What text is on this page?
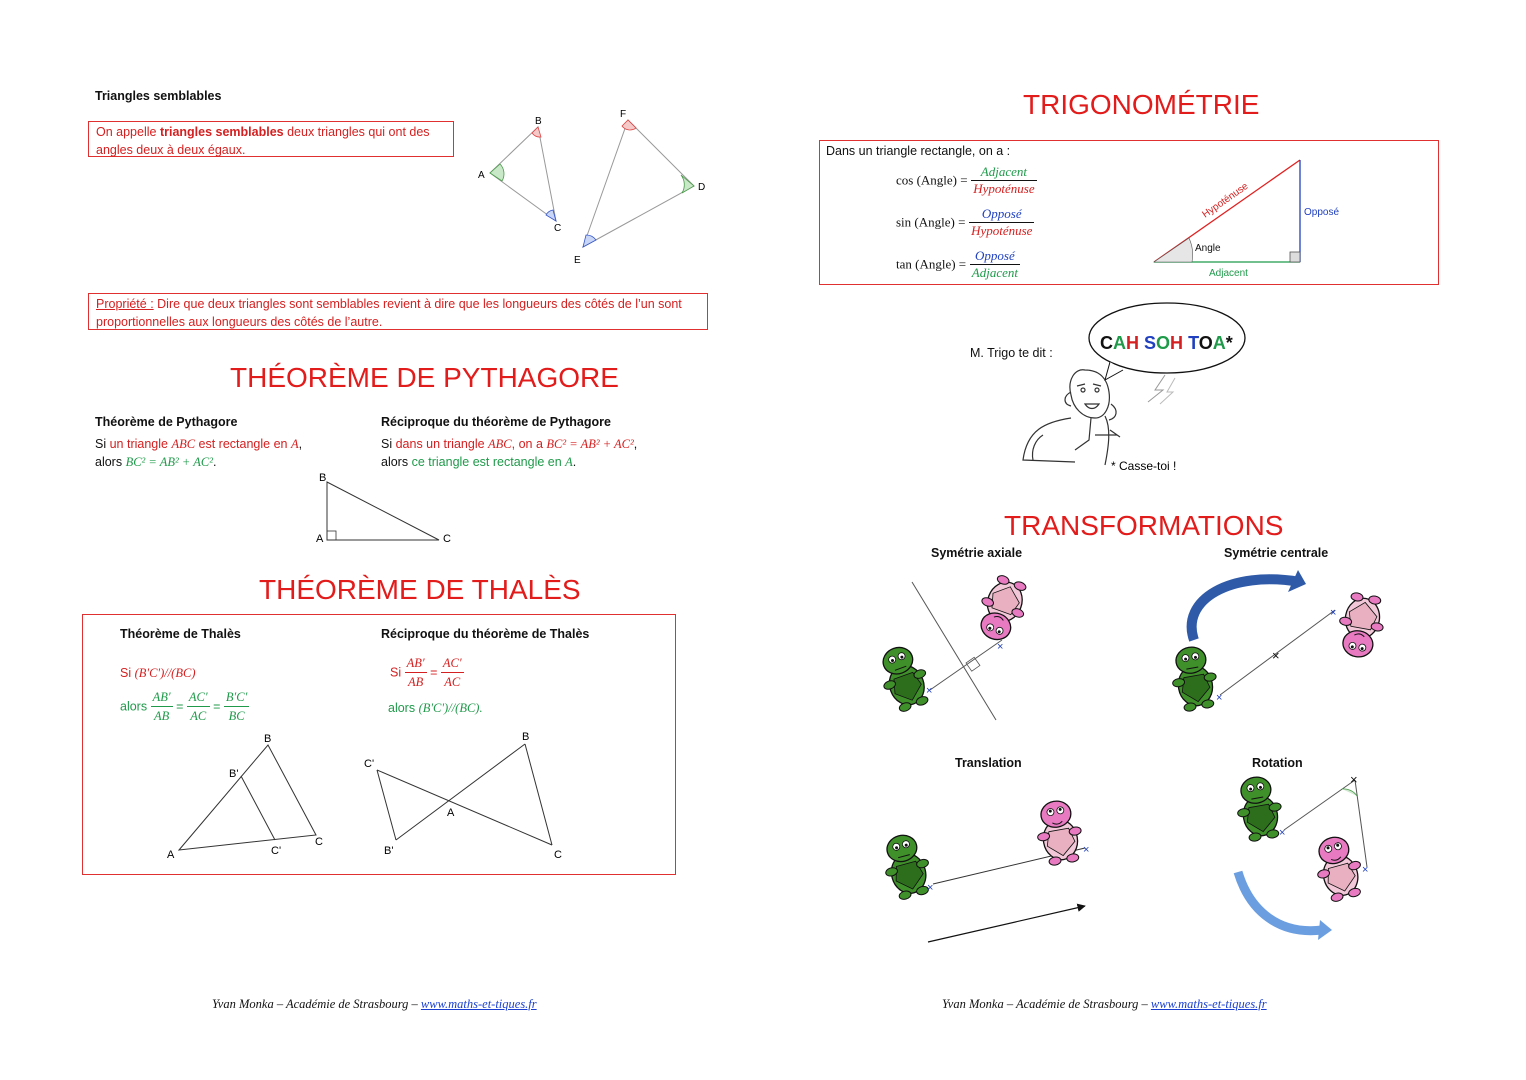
Triangles semblables
On appelle triangles semblables deux triangles qui ont des
angles deux à deux égaux.
A
B
C
D
E
F
Propriété : Dire que deux triangles sont semblables revient à dire que les longueurs des côtés de l’un sont
proportionnelles aux longueurs des côtés de l’autre.
THÉORÈME DE PYTHAGORE
Théorème de Pythagore
Si un triangle ABC est rectangle en A,
alors BC² = AB² + AC².
Réciproque du théorème de Pythagore
Si dans un triangle ABC, on a BC² = AB² + AC²,
alors ce triangle est rectangle en A.
B
A	C
THÉORÈME DE THALÈS
Théorème de Thalès
Si (B'C')//(BC)
alors $\frac{AB'}{AB} = \frac{AC'}{AC} = \frac{B'C'}{BC}$
Réciproque du théorème de Thalès
Si $\frac{AB'}{AB} = \frac{AC'}{AC}$
alors (B'C')//(BC).
A
B
C
B'
C'
C'
B
A
B'	C
Yvan Monka – Académie de Strasbourg – www.maths-et-tiques.fr
TRIGONOMÉTRIE
Dans un triangle rectangle, on a :
cos (Angle) = $\frac{\text{Adjacent}}{\text{Hypoténuse}}$
sin (Angle) = $\frac{\text{Opposé}}{\text{Hypoténuse}}$
tan (Angle) = $\frac{\text{Opposé}}{\text{Adjacent}}$
Hypoténuse	Opposé
Adjacent
Angle
M. Trigo te dit :	CAH SOH TOA*
* Casse-toi !
TRANSFORMATIONS
Symétrie axiale	Symétrie centrale
Translation	Rotation
×
×
×
×
×
×
×
×
×
×
Yvan Monka – Académie de Strasbourg – www.maths-et-tiques.fr
